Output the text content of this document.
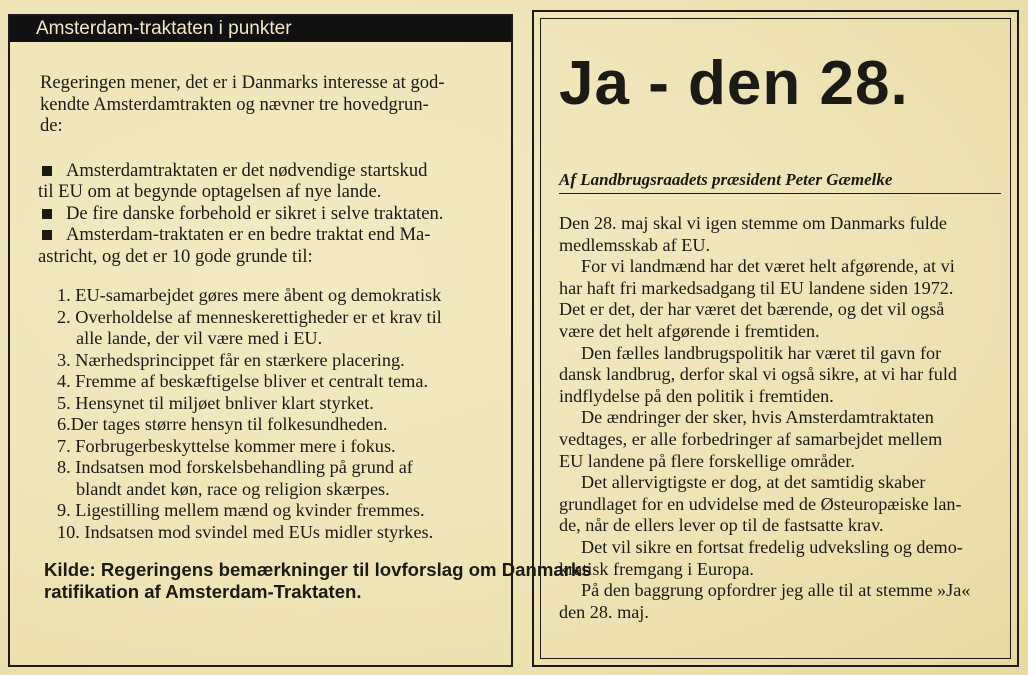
Amsterdam-traktaten i punkter

Regeringen mener, det er i Danmarks interesse at god-
kendte Amsterdamtrakten og nævner tre hovedgrun-
de:

Amsterdamtraktaten er det nødvendige startskud
til EU om at begynde optagelsen af nye lande.

De fire danske forbehold er sikret i selve traktaten.

Amsterdam-traktaten er en bedre traktat end Ma-
astricht, og det er 10 gode grunde til:

1. EU-samarbejdet gøres mere åbent og demokratisk
2. Overholdelse af menneskerettigheder er et krav til
alle lande, der vil være med i EU.
3. Nærhedsprincippet får en stærkere placering.
4. Fremme af beskæftigelse bliver et centralt tema.
5. Hensynet til miljøet bnliver klart styrket.
6.Der tages større hensyn til folkesundheden.
7. Forbrugerbeskyttelse kommer mere i fokus.
8. Indsatsen mod forskelsbehandling på grund af
blandt andet køn, race og religion skærpes.
9. Ligestilling mellem mænd og kvinder fremmes.
10. Indsatsen mod svindel med EUs midler styrkes.

Kilde: Regeringens bemærkninger til lovforslag om Danmarks
ratifikation af Amsterdam-Traktaten.

Ja - den 28.
Af Landbrugsraadets præsident Peter Gæmelke

Den 28. maj skal vi igen stemme om Danmarks fulde
medlemsskab af EU.

For vi landmænd har det været helt afgørende, at vi
har haft fri markedsadgang til EU landene siden 1972.
Det er det, der har været det bærende, og det vil også
være det helt afgørende i fremtiden.

Den fælles landbrugspolitik har været til gavn for
dansk landbrug, derfor skal vi også sikre, at vi har fuld
indflydelse på den politik i fremtiden.

De ændringer der sker, hvis Amsterdamtraktaten
vedtages, er alle forbedringer af samarbejdet mellem
EU landene på flere forskellige områder.

Det allervigtigste er dog, at det samtidig skaber
grundlaget for en udvidelse med de Østeuropæiske lan-
de, når de ellers lever op til de fastsatte krav.

Det vil sikre en fortsat fredelig udveksling og demo-
kratisk fremgang i Europa.

På den baggrung opfordrer jeg alle til at stemme »Ja«
den 28. maj.
